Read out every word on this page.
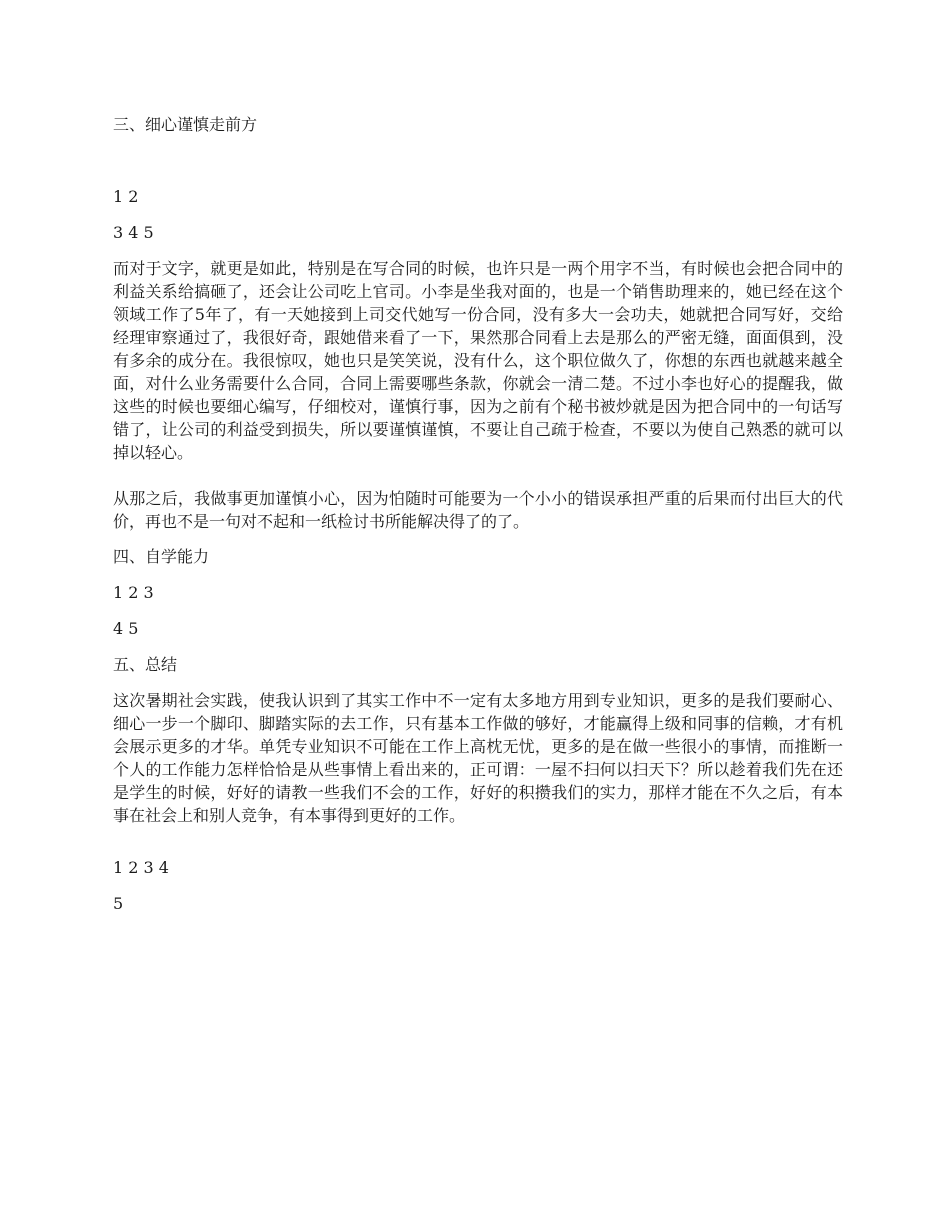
三、细心谨慎走前方
1 2
3 4 5
而对于文字，就更是如此，特别是在写合同的时候，也许只是一两个用字不当，有时候也会把合同中的利益关系给搞砸了，还会让公司吃上官司。小李是坐我对面的，也是一个销售助理来的，她已经在这个领域工作了5年了，有一天她接到上司交代她写一份合同，没有多大一会功夫，她就把合同写好，交给经理审察通过了，我很好奇，跟她借来看了一下，果然那合同看上去是那么的严密无缝，面面俱到，没有多余的成分在。我很惊叹，她也只是笑笑说，没有什么，这个职位做久了，你想的东西也就越来越全面，对什么业务需要什么合同，合同上需要哪些条款，你就会一清二楚。不过小李也好心的提醒我，做这些的时候也要细心编写，仔细校对，谨慎行事，因为之前有个秘书被炒就是因为把合同中的一句话写错了，让公司的利益受到损失，所以要谨慎谨慎，不要让自己疏于检查，不要以为使自己熟悉的就可以掉以轻心。
从那之后，我做事更加谨慎小心，因为怕随时可能要为一个小小的错误承担严重的后果而付出巨大的代价，再也不是一句对不起和一纸检讨书所能解决得了的了。
四、自学能力
1 2 3
4 5
五、总结
这次暑期社会实践，使我认识到了其实工作中不一定有太多地方用到专业知识，更多的是我们要耐心、细心一步一个脚印、脚踏实际的去工作，只有基本工作做的够好，才能赢得上级和同事的信赖，才有机会展示更多的才华。单凭专业知识不可能在工作上高枕无忧，更多的是在做一些很小的事情，而推断一个人的工作能力怎样恰恰是从些事情上看出来的，正可谓：一屋不扫何以扫天下？所以趁着我们先在还是学生的时候，好好的请教一些我们不会的工作，好好的积攒我们的实力，那样才能在不久之后，有本事在社会上和别人竞争，有本事得到更好的工作。
1 2 3 4
5
